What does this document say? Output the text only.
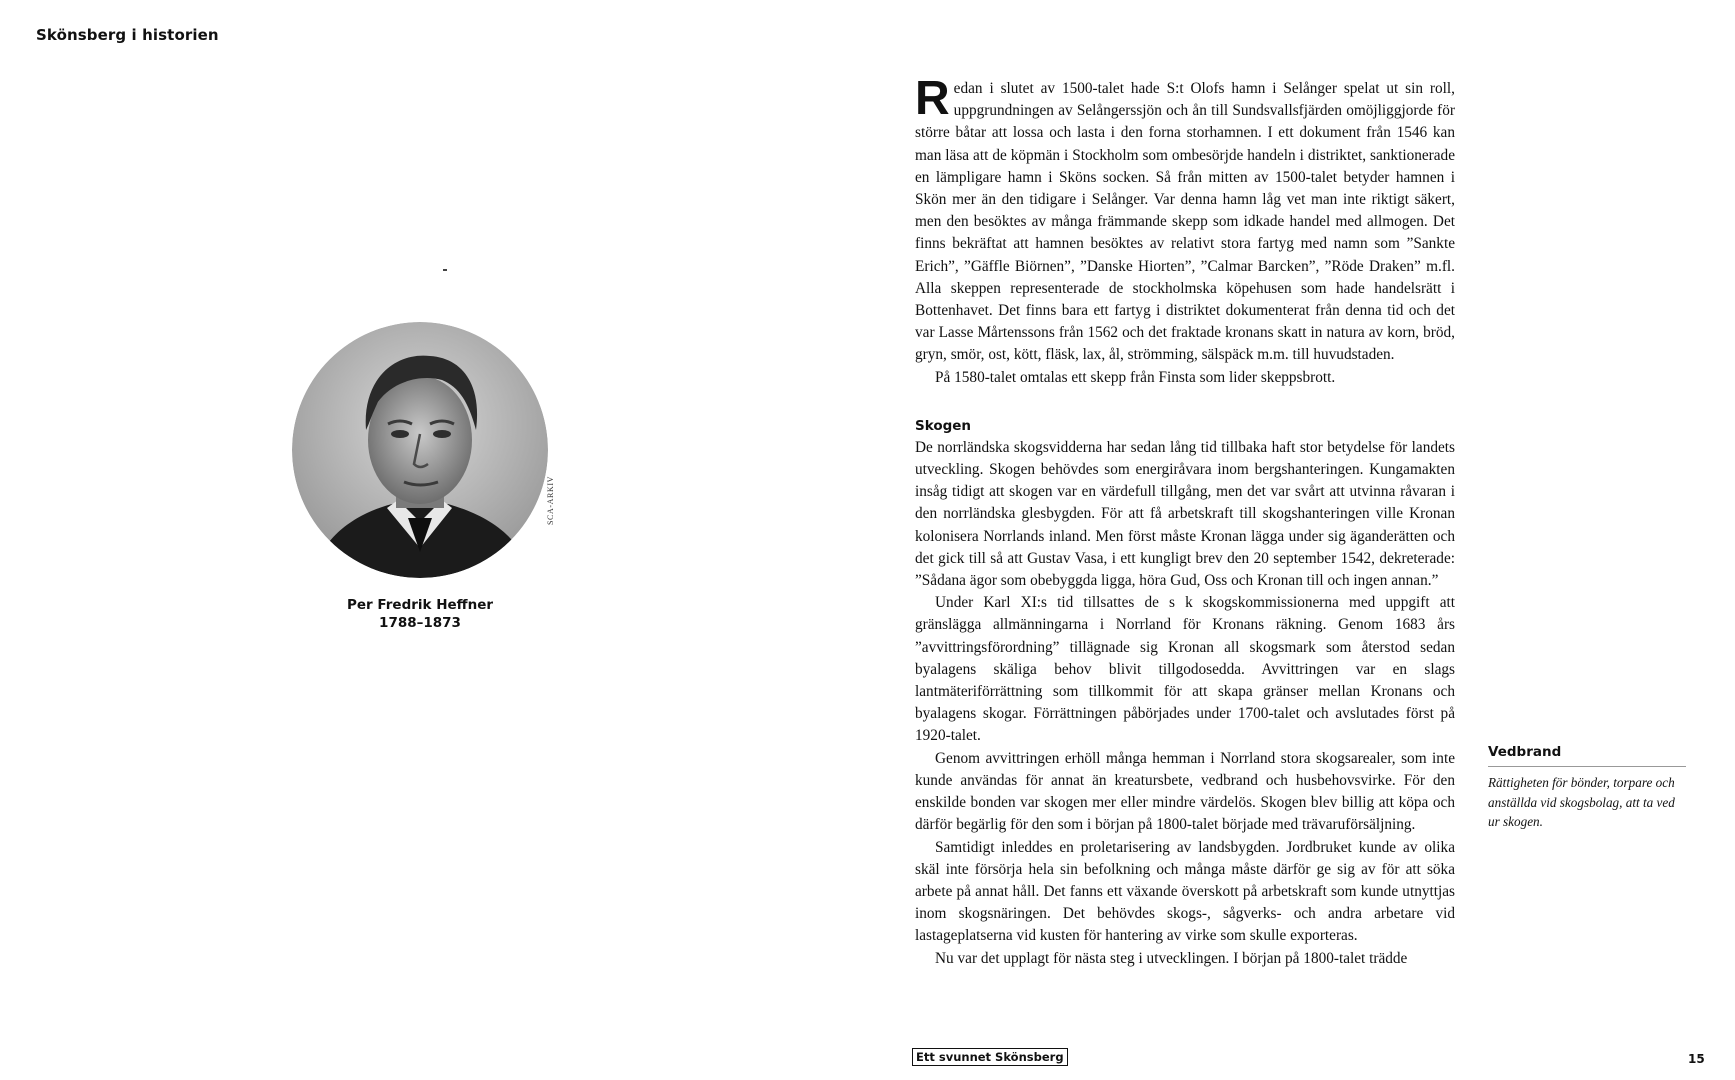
Skönsberg i historien
SCA-ARKIV
Per Fredrik Heffner
1788–1873

Redan i slutet av 1500-talet hade S:t Olofs hamn i Selånger spelat ut sin roll, uppgrundningen av Selångerssjön och ån till Sundsvallsfjärden omöjliggjorde för större båtar att lossa och lasta i den forna storhamnen. I ett dokument från 1546 kan man läsa att de köpmän i Stockholm som ombesörjde handeln i distriktet, sanktionerade en lämpligare hamn i Sköns socken. Så från mitten av 1500-talet betyder hamnen i Skön mer än den tidigare i Selånger. Var denna hamn låg vet man inte riktigt säkert, men den besöktes av många främmande skepp som idkade handel med allmogen. Det finns bekräftat att hamnen besöktes av relativt stora fartyg med namn som ”Sankte Erich”, ”Gäffle Biörnen”, ”Danske Hiorten”, ”Calmar Barcken”, ”Röde Draken” m.fl. Alla skeppen representerade de stockholmska köpehusen som hade handelsrätt i Bottenhavet. Det finns bara ett fartyg i distriktet dokumenterat från denna tid och det var Lasse Mårtenssons från 1562 och det fraktade kronans skatt in natura av korn, bröd, gryn, smör, ost, kött, fläsk, lax, ål, strömming, sälspäck m.m. till huvudstaden.

På 1580-talet omtalas ett skepp från Finsta som lider skeppsbrott.

Skogen

De norrländska skogsvidderna har sedan lång tid tillbaka haft stor betydelse för landets utveckling. Skogen behövdes som energiråvara inom bergshanteringen. Kungamakten insåg tidigt att skogen var en värdefull tillgång, men det var svårt att utvinna råvaran i den norrländska glesbygden. För att få arbetskraft till skogshanteringen ville Kronan kolonisera Norrlands inland. Men först måste Kronan lägga under sig äganderätten och det gick till så att Gustav Vasa, i ett kungligt brev den 20 september 1542, dekreterade: ”Sådana ägor som obebyggda ligga, höra Gud, Oss och Kronan till och ingen annan.”

Under Karl XI:s tid tillsattes de s k skogskommissionerna med uppgift att gränslägga allmänningarna i Norrland för Kronans räkning. Genom 1683 års ”avvittringsförordning” tillägnade sig Kronan all skogsmark som återstod sedan byalagens skäliga behov blivit tillgodosedda. Avvittringen var en slags lantmäteriförrättning som tillkommit för att skapa gränser mellan Kronans och byalagens skogar. Förrättningen påbörjades under 1700-talet och avslutades först på 1920-talet.

Genom avvittringen erhöll många hemman i Norrland stora skogsarealer, som inte kunde användas för annat än kreatursbete, vedbrand och husbehovsvirke. För den enskilde bonden var skogen mer eller mindre värdelös. Skogen blev billig att köpa och därför begärlig för den som i början på 1800-talet började med trävaruförsäljning.

Samtidigt inleddes en proletarisering av landsbygden. Jordbruket kunde av olika skäl inte försörja hela sin befolkning och många måste därför ge sig av för att söka arbete på annat håll. Det fanns ett växande överskott på arbetskraft som kunde utnyttjas inom skogsnäringen. Det behövdes skogs-, sågverks- och andra arbetare vid lastageplatserna vid kusten för hantering av virke som skulle exporteras.

Nu var det upplagt för nästa steg i utvecklingen. I början på 1800-talet trädde

Vedbrand
Rättigheten för bönder, torpare och anställda vid skogsbolag, att ta ved ur skogen.
Ett svunnet Skönsberg	15
